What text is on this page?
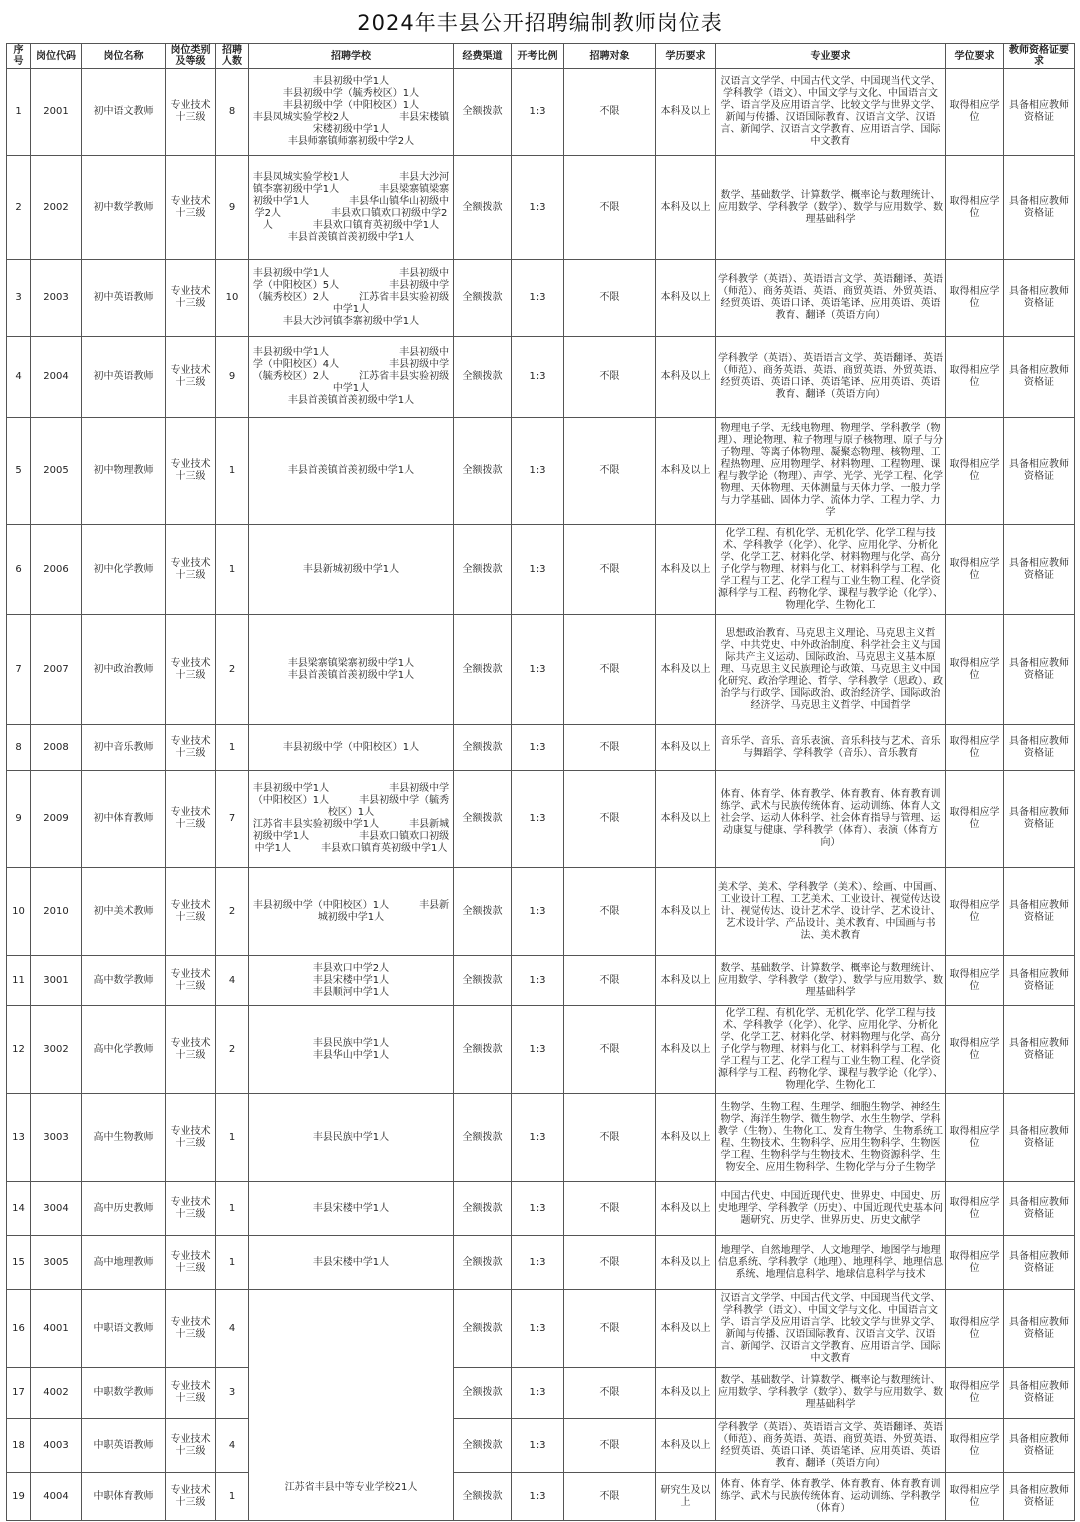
2024年丰县公开招聘编制教师岗位表
序号	岗位代码	岗位名称	岗位类别及等级	招聘人数	招聘学校	经费渠道	开考比例	招聘对象	学历要求	专业要求	学位要求	教师资格证要求
1	2001	初中语文教师	专业技术十三级	8	丰县初级中学1人
丰县初级中学（毓秀校区）1人
丰县初级中学（中阳校区）1人
丰县凤城实验学校2人　　　　　丰县宋楼镇宋楼初级中学1人
丰县师寨镇师寨初级中学2人	全额拨款	1:3	不限	本科及以上	汉语言文学学、中国古代文学、中国现当代文学、学科教学（语文）、中国文学与文化、中国语言文学、语言学及应用语言学、比较文学与世界文学、新闻与传播、汉语国际教育、汉语言文学、汉语言、新闻学、汉语言文学教育、应用语言学、国际中文教育	取得相应学位	具备相应教师资格证
2	2002	初中数学教师	专业技术十三级	9	丰县凤城实验学校1人　　　　　丰县大沙河镇李寨初级中学1人　　　　丰县梁寨镇梁寨初级中学1人　　　　丰县华山镇华山初级中学2人　　　　　丰县欢口镇欢口初级中学2人　　　　丰县欢口镇育英初级中学1人　　　　丰县首羡镇首羡初级中学1人	全额拨款	1:3	不限	本科及以上	数学、基础数学、计算数学、概率论与数理统计、应用数学、学科教学（数学）、数学与应用数学、数理基础科学	取得相应学位	具备相应教师资格证
3	2003	初中英语教师	专业技术十三级	10	丰县初级中学1人　　　　　　　丰县初级中学（中阳校区）5人　　　　　丰县初级中学（毓秀校区）2人　　　江苏省丰县实验初级中学1人
丰县大沙河镇李寨初级中学1人	全额拨款	1:3	不限	本科及以上	学科教学（英语）、英语语言文学、英语翻译、英语（师范）、商务英语、英语、商贸英语、外贸英语、经贸英语、英语口译、英语笔译、应用英语、英语教育、翻译（英语方向）	取得相应学位	具备相应教师资格证
4	2004	初中英语教师	专业技术十三级	9	丰县初级中学1人　　　　　　　丰县初级中学（中阳校区）4人　　　　　丰县初级中学（毓秀校区）2人　　　江苏省丰县实验初级中学1人
丰县首羡镇首羡初级中学1人	全额拨款	1:3	不限	本科及以上	学科教学（英语）、英语语言文学、英语翻译、英语（师范）、商务英语、英语、商贸英语、外贸英语、经贸英语、英语口译、英语笔译、应用英语、英语教育、翻译（英语方向）	取得相应学位	具备相应教师资格证
5	2005	初中物理教师	专业技术十三级	1	丰县首羡镇首羡初级中学1人	全额拨款	1:3	不限	本科及以上	物理电子学、无线电物理、物理学、学科教学（物理）、理论物理、粒子物理与原子核物理、原子与分子物理、等离子体物理、凝聚态物理、核物理、工程热物理、应用物理学、材料物理、工程物理、课程与教学论（物理）、声学、光学、光学工程、化学物理、天体物理、天体测量与天体力学、一般力学与力学基础、固体力学、流体力学、工程力学、力学	取得相应学位	具备相应教师资格证
6	2006	初中化学教师	专业技术十三级	1	丰县新城初级中学1人	全额拨款	1:3	不限	本科及以上	化学工程、有机化学、无机化学、化学工程与技术、学科教学（化学）、化学、应用化学、分析化学、化学工艺、材料化学、材料物理与化学、高分子化学与物理、材料与化工、材料科学与工程、化学工程与工艺、化学工程与工业生物工程、化学资源科学与工程、药物化学、课程与教学论（化学）、物理化学、生物化工	取得相应学位	具备相应教师资格证
7	2007	初中政治教师	专业技术十三级	2	丰县梁寨镇梁寨初级中学1人
丰县首羡镇首羡初级中学1人	全额拨款	1:3	不限	本科及以上	思想政治教育、马克思主义理论、马克思主义哲学、中共党史、中外政治制度、科学社会主义与国际共产主义运动、国际政治、马克思主义基本原理、马克思主义民族理论与政策、马克思主义中国化研究、政治学理论、哲学、学科教学（思政）、政治学与行政学、国际政治、政治经济学、国际政治经济学、马克思主义哲学、中国哲学	取得相应学位	具备相应教师资格证
8	2008	初中音乐教师	专业技术十三级	1	丰县初级中学（中阳校区）1人	全额拨款	1:3	不限	本科及以上	音乐学、音乐、音乐表演、音乐科技与艺术、音乐与舞蹈学、学科教学（音乐）、音乐教育	取得相应学位	具备相应教师资格证
9	2009	初中体育教师	专业技术十三级	7	丰县初级中学1人　　　　　　丰县初级中学（中阳校区）1人　　　丰县初级中学（毓秀校区）1人
江苏省丰县实验初级中学1人　　　丰县新城初级中学1人　　　　　丰县欢口镇欢口初级中学1人　　　丰县欢口镇育英初级中学1人	全额拨款	1:3	不限	本科及以上	体育、体育学、体育教学、体育教育、体育教育训练学、武术与民族传统体育、运动训练、体育人文社会学、运动人体科学、社会体育指导与管理、运动康复与健康、学科教学（体育）、表演（体育方向）	取得相应学位	具备相应教师资格证
10	2010	初中美术教师	专业技术十三级	2	丰县初级中学（中阳校区）1人　　　丰县新城初级中学1人	全额拨款	1:3	不限	本科及以上	美术学、美术、学科教学（美术）、绘画、中国画、工业设计工程、工艺美术、工业设计、视觉传达设计、视觉传达、设计艺术学、设计学、艺术设计、艺术设计学、产品设计、美术教育、中国画与书法、美术教育	取得相应学位	具备相应教师资格证
11	3001	高中数学教师	专业技术十三级	4	丰县欢口中学2人
丰县宋楼中学1人
丰县顺河中学1人	全额拨款	1:3	不限	本科及以上	数学、基础数学、计算数学、概率论与数理统计、应用数学、学科教学（数学）、数学与应用数学、数理基础科学	取得相应学位	具备相应教师资格证
12	3002	高中化学教师	专业技术十三级	2	丰县民族中学1人
丰县华山中学1人	全额拨款	1:3	不限	本科及以上	化学工程、有机化学、无机化学、化学工程与技术、学科教学（化学）、化学、应用化学、分析化学、化学工艺、材料化学、材料物理与化学、高分子化学与物理、材料与化工、材料科学与工程、化学工程与工艺、化学工程与工业生物工程、化学资源科学与工程、药物化学、课程与教学论（化学）、物理化学、生物化工	取得相应学位	具备相应教师资格证
13	3003	高中生物教师	专业技术十三级	1	丰县民族中学1人	全额拨款	1:3	不限	本科及以上	生物学、生物工程、生理学、细胞生物学、神经生物学、海洋生物学、微生物学、水生生物学、学科教学（生物）、生物化工、发育生物学、生物系统工程、生物技术、生物科学、应用生物科学、生物医学工程、生物科学与生物技术、生物资源科学、生物安全、应用生物科学、生物化学与分子生物学	取得相应学位	具备相应教师资格证
14	3004	高中历史教师	专业技术十三级	1	丰县宋楼中学1人	全额拨款	1:3	不限	本科及以上	中国古代史、中国近现代史、世界史、中国史、历史地理学、学科教学（历史）、中国近现代史基本问题研究、历史学、世界历史、历史文献学	取得相应学位	具备相应教师资格证
15	3005	高中地理教师	专业技术十三级	1	丰县宋楼中学1人	全额拨款	1:3	不限	本科及以上	地理学、自然地理学、人文地理学、地图学与地理信息系统、学科教学（地理）、地理科学、地理信息系统、地理信息科学、地球信息科学与技术	取得相应学位	具备相应教师资格证
16	4001	中职语文教师	专业技术十三级	4	江苏省丰县中等专业学校21人	全额拨款	1:3	不限	本科及以上	汉语言文学学、中国古代文学、中国现当代文学、学科教学（语文）、中国文学与文化、中国语言文学、语言学及应用语言学、比较文学与世界文学、新闻与传播、汉语国际教育、汉语言文学、汉语言、新闻学、汉语言文学教育、应用语言学、国际中文教育	取得相应学位	具备相应教师资格证
17	4002	中职数学教师	专业技术十三级	3		全额拨款	1:3	不限	本科及以上	数学、基础数学、计算数学、概率论与数理统计、应用数学、学科教学（数学）、数学与应用数学、数理基础科学	取得相应学位	具备相应教师资格证
18	4003	中职英语教师	专业技术十三级	4		全额拨款	1:3	不限	本科及以上	学科教学（英语）、英语语言文学、英语翻译、英语（师范）、商务英语、英语、商贸英语、外贸英语、经贸英语、英语口译、英语笔译、应用英语、英语教育、翻译（英语方向）	取得相应学位	具备相应教师资格证
19	4004	中职体育教师	专业技术十三级	1		全额拨款	1:3	不限	研究生及以上	体育、体育学、体育教学、体育教育、体育教育训练学、武术与民族传统体育、运动训练、学科教学（体育）	取得相应学位	具备相应教师资格证
